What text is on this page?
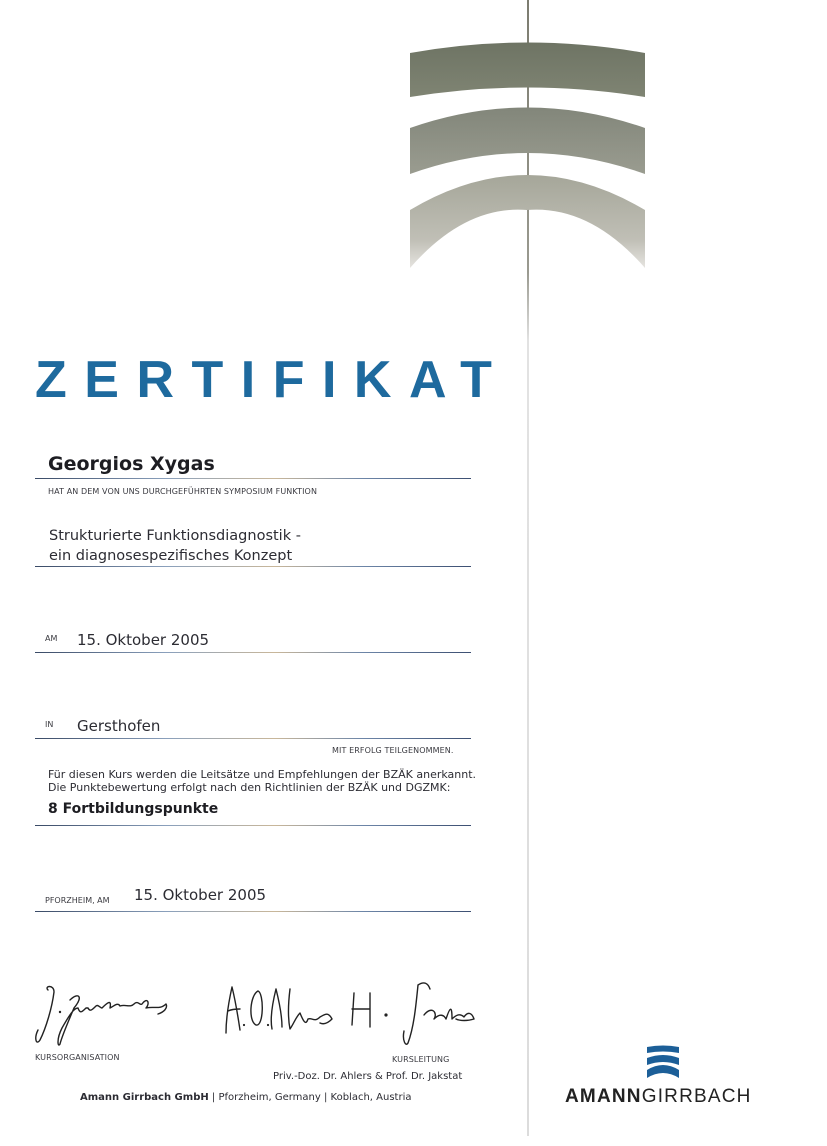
ZERTIFIKAT
Georgios Xygas
HAT AN DEM VON UNS DURCHGEFÜHRTEN SYMPOSIUM FUNKTION
Strukturierte Funktionsdiagnostik -
ein diagnosespezifisches Konzept
AM 15. Oktober 2005
IN Gersthofen
MIT ERFOLG TEILGENOMMEN.
Für diesen Kurs werden die Leitsätze und Empfehlungen der BZÄK anerkannt.
Die Punktebewertung erfolgt nach den Richtlinien der BZÄK und DGZMK:
8 Fortbildungspunkte
PFORZHEIM, AM 15. Oktober 2005
KURSORGANISATION	KURSLEITUNG
Priv.-Doz. Dr. Ahlers & Prof. Dr. Jakstat
Amann Girrbach GmbH | Pforzheim, Germany | Koblach, Austria	AMANNGIRRBACH
